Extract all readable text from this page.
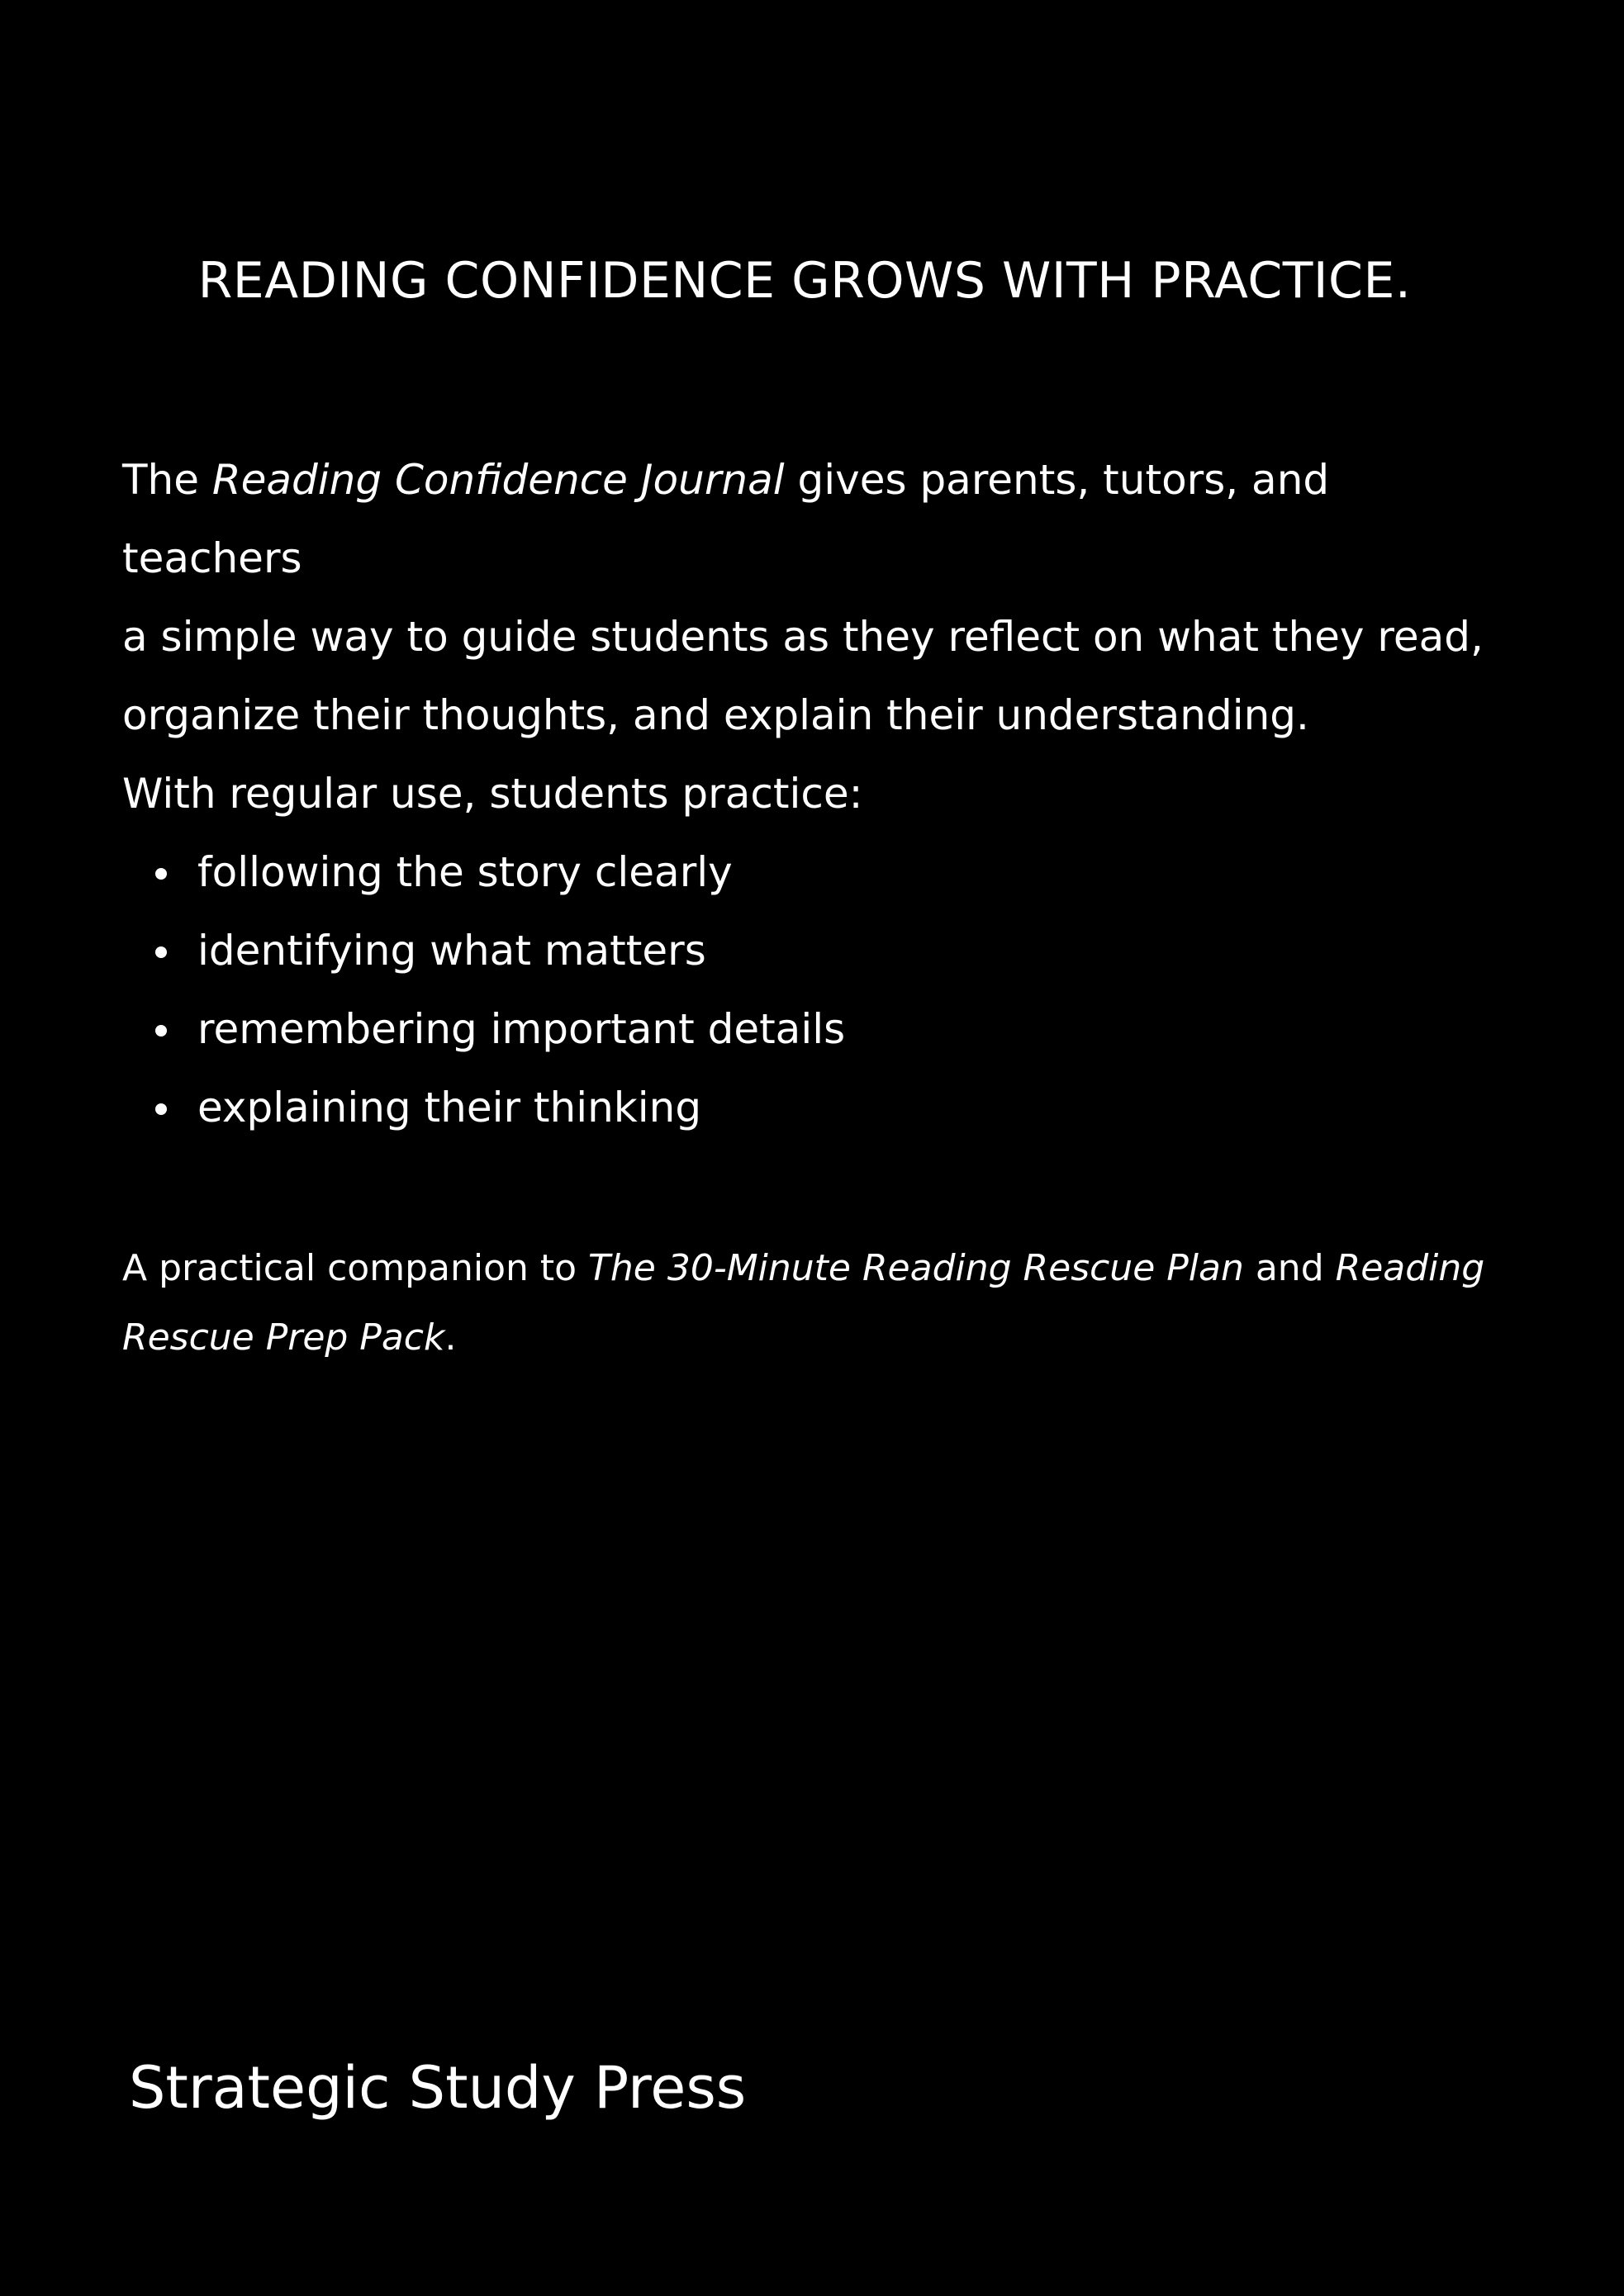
READING CONFIDENCE GROWS WITH PRACTICE.

The Reading Confidence Journal gives parents, tutors, and teachers
a simple way to guide students as they reflect on what they read,
organize their thoughts, and explain their understanding.

With regular use, students practice:

following the story clearly
identifying what matters
remembering important details
explaining their thinking

A practical companion to The 30-Minute Reading Rescue Plan and Reading
Rescue Prep Pack.

Strategic Study Press
